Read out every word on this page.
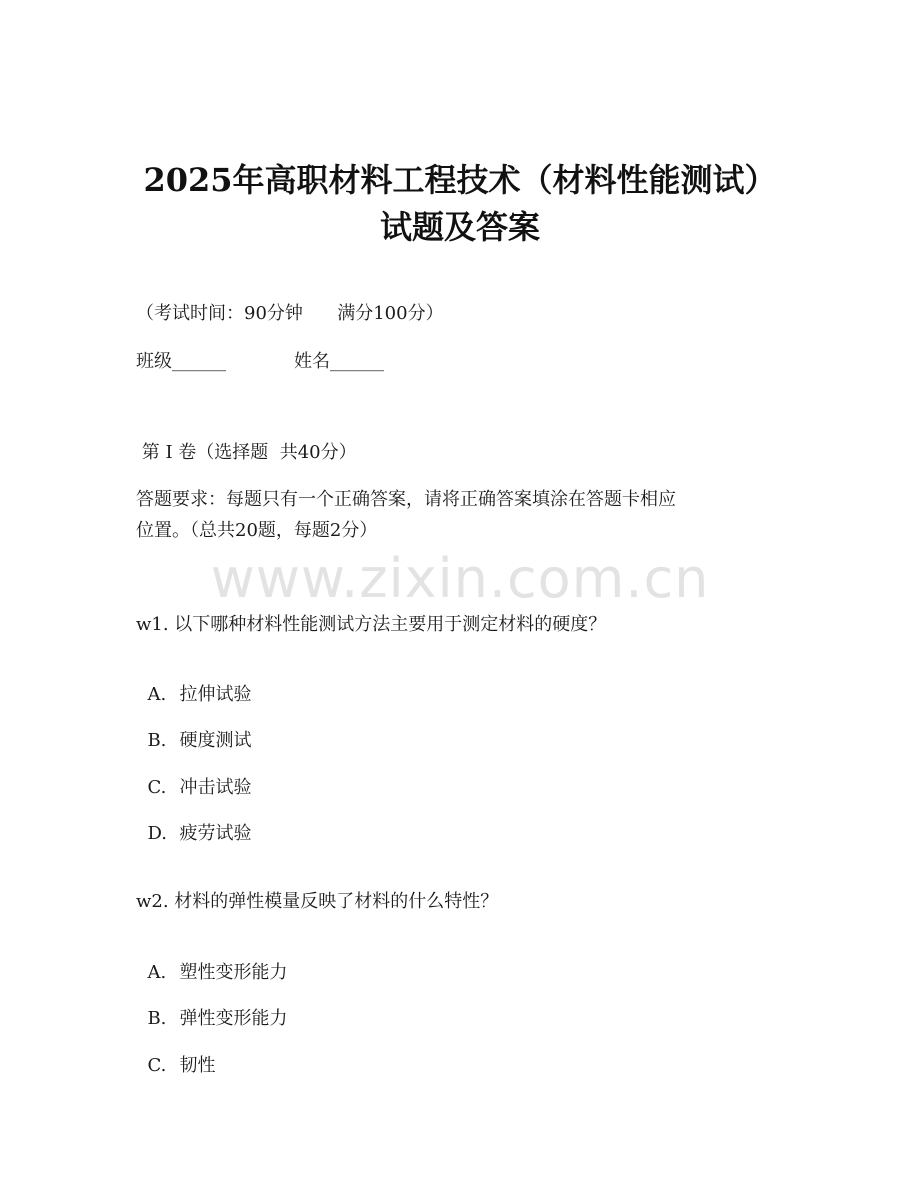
2025年高职材料工程技术（材料性能测试）
试题及答案
（考试时间：90分钟      满分100分）
班级______	姓名______
第 I 卷（选择题  共40分）
答题要求：每题只有一个正确答案，请将正确答案填涂在答题卡相应
位置。（总共20题，每题2分）
www.zixin.com.cn
w1. 以下哪种材料性能测试方法主要用于测定材料的硬度？

A. 拉伸试验

B. 硬度测试

C. 冲击试验

D. 疲劳试验

w2. 材料的弹性模量反映了材料的什么特性？

A. 塑性变形能力

B. 弹性变形能力

C. 韧性
